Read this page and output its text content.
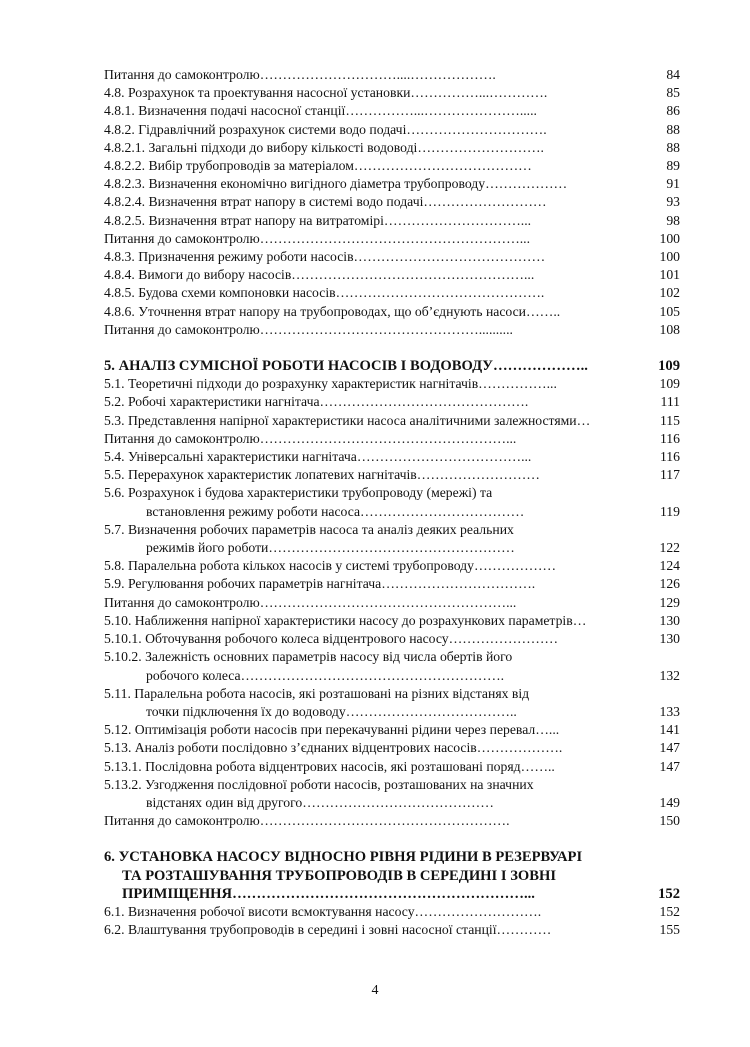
Питання до самоконтролю…………………………....……………….	84
4.8. Розрахунок та проектування насосної установки……………...………….	85
4.8.1. Визначення подачі насосної станції……………...………………….....	86
4.8.2. Гідравлічний розрахунок системи водо подачі………………………….	88
4.8.2.1. Загальні підходи до вибору кількості водоводі……………………….	88
4.8.2.2. Вибір трубопроводів за матеріалом…………………………………	89
4.8.2.3. Визначення економічно вигідного діаметра трубопроводу………………	91
4.8.2.4. Визначення втрат напору в системі водо подачі………………………	93
4.8.2.5. Визначення втрат напору на витратомірі…………………………...	98
Питання до самоконтролю…………………………………………………...	100
4.8.3. Призначення режиму роботи насосів……………………………………	100
4.8.4. Вимоги до вибору насосів……………………………………………...	101
4.8.5. Будова схеми компоновки насосів……………………………………….	102
4.8.6. Уточнення втрат напору на трубопроводах, що об’єднують насоси……..	105
Питання до самоконтролю…………………………………………..........	108
5. АНАЛІЗ СУМІСНОЇ РОБОТИ НАСОСІВ І ВОДОВОДУ………………..	109
5.1. Теоретичні підходи до розрахунку характеристик нагнітачів……………...	109
5.2. Робочі характеристики нагнітача……………………………………….	111
5.3. Представлення напірної характеристики насоса аналітичними залежностями…	115
Питання до самоконтролю………………………………………………...	116
5.4. Універсальні характеристики нагнітача………………………………...	116
5.5. Перерахунок характеристик лопатевих нагнітачів………………………	117
5.6. Розрахунок і будова характеристики трубопроводу (мережі) та
встановлення режиму роботи насоса………………………………	119
5.7. Визначення робочих параметрів насоса та аналіз деяких реальних
режимів його роботи………………………………………………	122
5.8. Паралельна робота кількох насосів у системі трубопроводу………………	124
5.9. Регулювання робочих параметрів нагнітача…………………………….	126
Питання до самоконтролю………………………………………………...	129
5.10. Наближення напірної характеристики насосу до розрахункових параметрів…	130
5.10.1. Обточування робочого колеса відцентрового насосу……………………	130
5.10.2. Залежність основних параметрів насосу від числа обертів його
робочого колеса………………………………………………….	132
5.11. Паралельна робота насосів, які розташовані на різних відстанях від
точки підключення їх до водоводу………………………………..	133
5.12. Оптимізація роботи насосів при перекачуванні рідини через перевал…...	141
5.13. Аналіз роботи послідовно з’єднаних відцентрових насосів……………….	147
5.13.1. Послідовна робота відцентрових насосів, які розташовані поряд……..	147
5.13.2. Узгодження послідовної роботи насосів, розташованих на значних
відстанях один від другого……………………………………	149
Питання до самоконтролю……………………………………………….	150
6. УСТАНОВКА НАСОСУ ВІДНОСНО РІВНЯ РІДИНИ В РЕЗЕРВУАРІ
ТА РОЗТАШУВАННЯ ТРУБОПРОВОДІВ В СЕРЕДИНІ І ЗОВНІ
ПРИМІЩЕННЯ……………………………………………………...	152
6.1. Визначення робочої висоти всмоктування насосу……………………….	152
6.2. Влаштування трубопроводів в середині і зовні насосної станції…………	155
4
